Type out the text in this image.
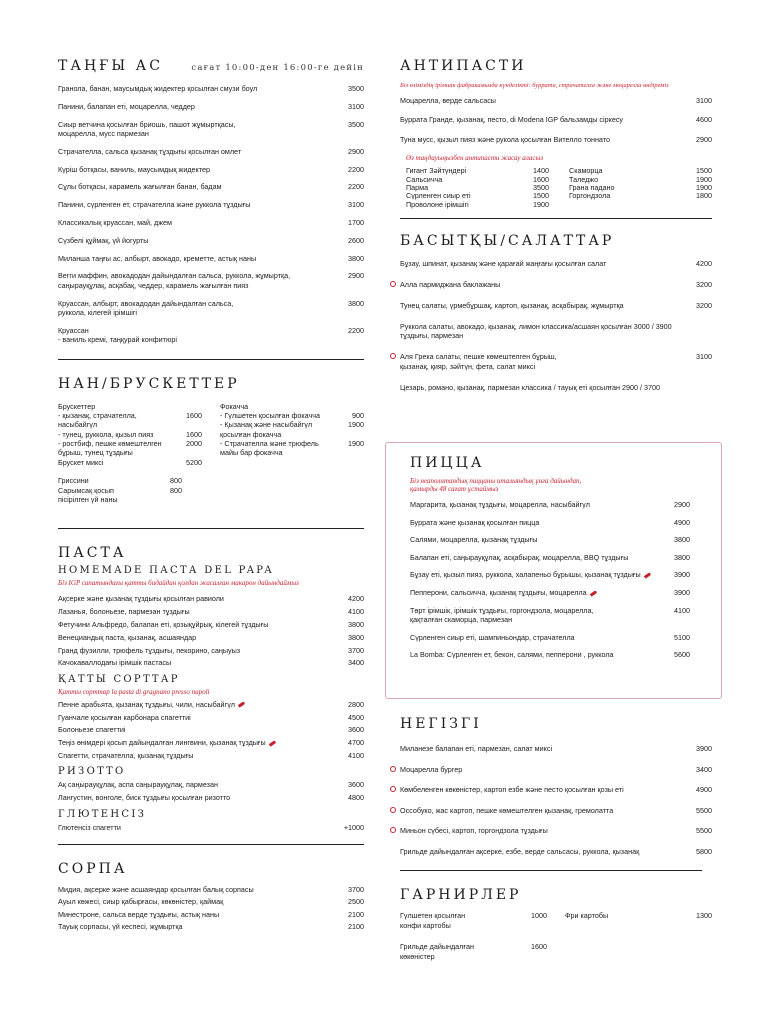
ТАҢҒЫ АС	сағат 10:00-ден 16:00-ге дейін
Гранола, банан, маусымдық жидектер қосылған смузи боул	3500
Панини, балапан еті, моцарелла, чеддер	3100
Сиыр ветчина қосылған бриошь, пашот жұмыртқасы,
моцарелла, мусс пармезан
3500
Страчателла, сальса қызанақ тұздығы қосылған омлет	2900
Күріш ботқасы, ваниль, маусымдық жидектер	2200
Сұлы ботқасы, карамель жағылған банан, бадам	2200
Панини, сүрленген ет, страчателла және руккола тұздығы	3100
Классикалық круассан, май, джем	1700
Сүзбелі құймақ, үй йогурты	2600
Миланша таңғы ас, албырт, авокадо, креметте, астық наны	3800
Вегги маффин, авокадодан дайындалған сальса, руккола, жұмыртқа,
саңырауқұлақ, асқабақ, чеддер, карамель жағылған пияз
2900
Круассан, албырт, авокадодан дайындалған сальса,
руккола, кілегей ірімшігі
3800
Круассан
- ваниль кремі, таңқурай конфитюрі
2200
НАН/БРУСКЕТТЕР
Брускеттер
- қызанақ, страчателла,
насыбайгүл
1600
- тунец, руккола, қызыл пияз	1600
- ростбиф, пешке көмештелген
бұрыш, тунец тұздығы
2000
Брускет миксі	5200
Гриссини	800
Сарымсақ қосып
пісірілген үй наны
800
Фокачча
- Гүлшетен қосылған фокачча	900
- Қызанақ және насыбайгүл
қосылған фокачча
1900
- Страчателла және трюфель
майы бар фокачча
1900
ПАСТА
HOMEMADE ПАСТА DEL PAPA
Біз IGP сапатындағы қатты бидайдан қолдан жасалған макарон дайындаймыз
Ақсерке және қызанақ тұздығы қосылған равиоли	4200
Лазанья, болоньезе, пармезан тұздығы	4100
Фетучини Альфредо, балапан еті, қозықұйрық, кілегей тұздығы	3800
Венециандық паста, қызанақ, асшаяндар	3800
Гранд фузилли, трюфель тұздығы, пекорино, саңыуыз	3700
Качокаваллодағы ірімшік пастасы	3400
ҚАТТЫ СОРТТАР
Қатты сорттар la pasta di gragnano presso napoli
Пенне арабьята, қызанақ тұздығы, чили, насыбайгүл	2800
Гуанчале қосылған карбонара спагеттиі	4500
Болоньезе спагеттиі	3600
Теңіз өнімдері қосып дайындалған лингвини, қызанақ тұздығы	4700
Спагетти, страчателла, қызанақ тұздығы	4100
РИЗОТТО
Ақ саңырауқұлақ, аспа саңырауқұлақ, пармезан	3600
Лангустин, вонголе, биск тұздығы қосылған ризотто	4800
ГЛЮТЕНСІЗ
Глютенсіз спагетти	+1000
СОРПА
Мидия, ақсерке және асшаяндар қосылған балық сорпасы	3700
Ауыл көжесі, сиыр қабырғасы, көкөністер, қаймақ	2500
Минестроне, сальса верде тұздығы, астық наны	2100
Тауық сорпасы, үй кеспесі, жұмыртқа	2100
АНТИПАСТИ
Біз өзіміздің ірімшік фабрикамызда күнделікті: буррата, страчателла және моцарелла өндіреміз
Моцарелла, верде сальсасы	3100
Буррата Гранде, қызанақ, песто, di Modena IGP бальзамды сіркесу	4600
Туна мусс, қызыл пияз және рукола қосылған Вителло тоннато	2900
Өз таңдауыңызбен антипасти жасау аласыз
Гигант Зәйтүндері	1400
Сальсичча	1600
Парма	3500
Сүрленген сиыр еті	1500
Проволоне ірімшігі	1900
Скаморца	1500
Таледжо	1900
Грана падано	1900
Горгондзола	1800
БАСЫТҚЫ/САЛАТТАР
Бұзау, шпинат, қызанақ және қарағай жаңғағы қосылған салат	4200
Алла пармиджана баклажаны	3200
Тунец салаты, үрмебұршақ, картоп, қызанақ, асқабырақ, жұмыртқа	3200
Руккола салаты, авокадо, қызанақ, лимон классика/асшаян қосылған 3000 / 3900
тұздығы, пармезан
Аля Грека салаты, пешке көмештелген бұрыш,
қызанақ, қияр, зәйтүн, фета, салат миксі
3100
Цезарь, романо, қызанақ, пармезан классика / тауық еті қосылған 2900 / 3700
ПИЦЦА
Біз неаполитандық пиццаны итальяндық ұнға дайындап,
қамырды 48 сағат ұстаймыз
Маргарита, қызанақ тұздығы, моцарелла, насыбайгүл	2900
Буррата және қызанақ қосылған пицца	4900
Салями, моцарелла, қызанақ тұздығы	3800
Балапан еті, саңырауқұлақ, асқабырақ, моцарелла, BBQ тұздығы	3800
Бұзау еті, қызыл пияз, руккола, халапеньо бұрышы, қызанақ тұздығы	3900
Пепперони, сальсичча, қызанақ тұздығы, моцарелла	3900
Төрт ірімшік, ірімшік тұздығы, горгондзола, моцарелла,
қақталған скаморца, пармезан
4100
Сүрленген сиыр еті, шампиньондар, страчателла	5100
La Bomba: Сүрленген ет, бекон, салями, пепперони , руккола	5600
НЕГІЗГІ
Миланезе балапан еті, пармезан, салат миксі	3900
Моцарелла бургер	3400
Көмбеленген көкөністер, картоп езбе және песто қосылған қозы еті	4900
Оссобуко, жас картоп, пешке көмештелген қызанақ, гремолатта	5500
Миньон сүбесі, картоп, горгондзола тұздығы	5500
Грильде дайындалған ақсерке, езбе, верде сальсасы, руккола, қызанақ	5800
ГАРНИРЛЕР
Гүлшетен қосылған
конфи картобы
1000
Грильде дайындалған
көкөністер
1600
Фри картобы	1300
